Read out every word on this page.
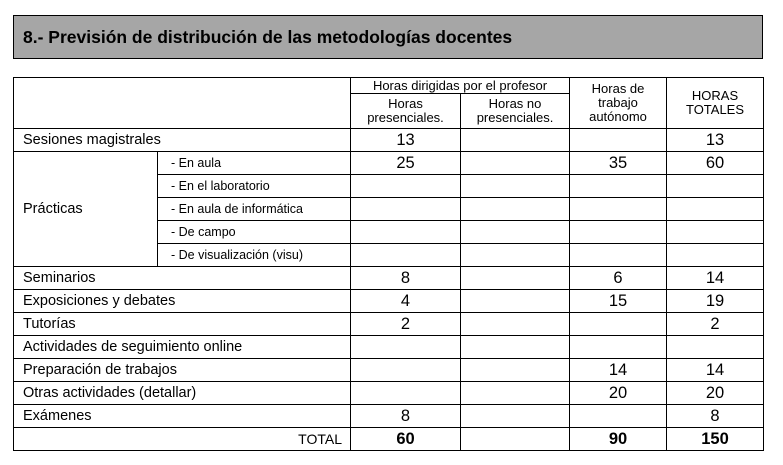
8.- Previsión de distribución de las metodologías docentes
		Horas dirigidas por el profesor		Horas de trabajo autónomo	HORAS TOTALES
		Horas presenciales.	Horas no presenciales.		
Sesiones magistrales		13			13
Prácticas	- En aula	25		35	60
	- En el laboratorio				
	- En aula de informática				
	- De campo				
	- De visualización (visu)				
Seminarios		8		6	14
Exposiciones y debates		4		15	19
Tutorías		2			2
Actividades de seguimiento online					
Preparación de trabajos				14	14
Otras actividades (detallar)				20	20
Exámenes		8			8
TOTAL		60		90	150
